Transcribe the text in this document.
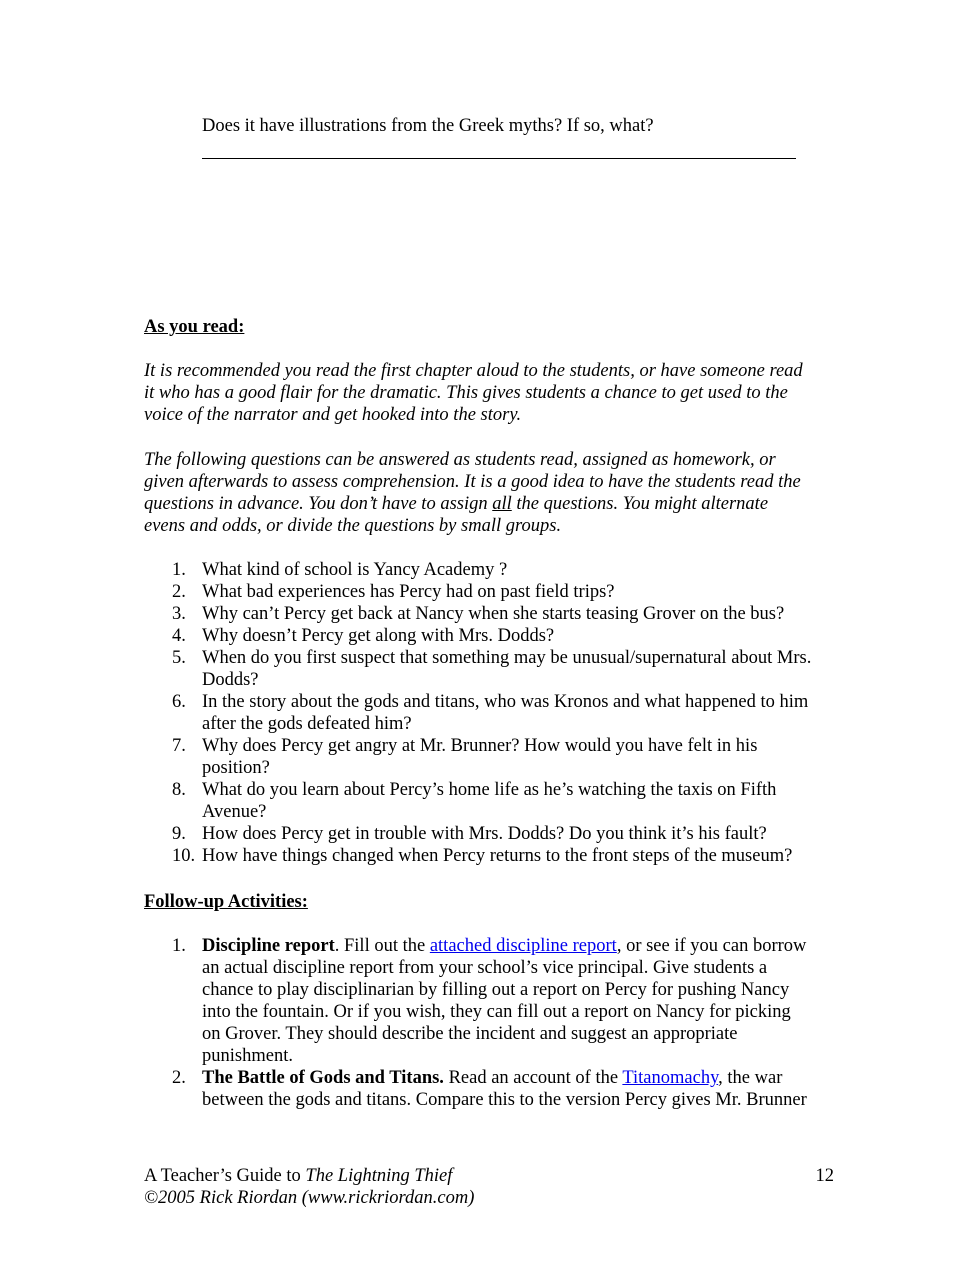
Does it have illustrations from the Greek myths? If so, what?
As you read:
It is recommended you read the first chapter aloud to the students, or have someone read
it who has a good flair for the dramatic. This gives students a chance to get used to the
voice of the narrator and get hooked into the story.
The following questions can be answered as students read, assigned as homework, or
given afterwards to assess comprehension. It is a good idea to have the students read the
questions in advance. You don’t have to assign all the questions. You might alternate
evens and odds, or divide the questions by small groups.
1. What kind of school is Yancy Academy ?
2. What bad experiences has Percy had on past field trips?
3. Why can’t Percy get back at Nancy when she starts teasing Grover on the bus?
4. Why doesn’t Percy get along with Mrs. Dodds?
5. When do you first suspect that something may be unusual/supernatural about Mrs.
Dodds?
6. In the story about the gods and titans, who was Kronos and what happened to him
after the gods defeated him?
7. Why does Percy get angry at Mr. Brunner? How would you have felt in his
position?
8. What do you learn about Percy’s home life as he’s watching the taxis on Fifth
Avenue?
9. How does Percy get in trouble with Mrs. Dodds? Do you think it’s his fault?
10. How have things changed when Percy returns to the front steps of the museum?
Follow-up Activities:
1. Discipline report. Fill out the attached discipline report, or see if you can borrow
an actual discipline report from your school’s vice principal. Give students a
chance to play disciplinarian by filling out a report on Percy for pushing Nancy
into the fountain. Or if you wish, they can fill out a report on Nancy for picking
on Grover. They should describe the incident and suggest an appropriate
punishment.
2. The Battle of Gods and Titans. Read an account of the Titanomachy, the war
between the gods and titans. Compare this to the version Percy gives Mr. Brunner
A Teacher’s Guide to The Lightning Thief	12
©2005 Rick Riordan (www.rickriordan.com)
